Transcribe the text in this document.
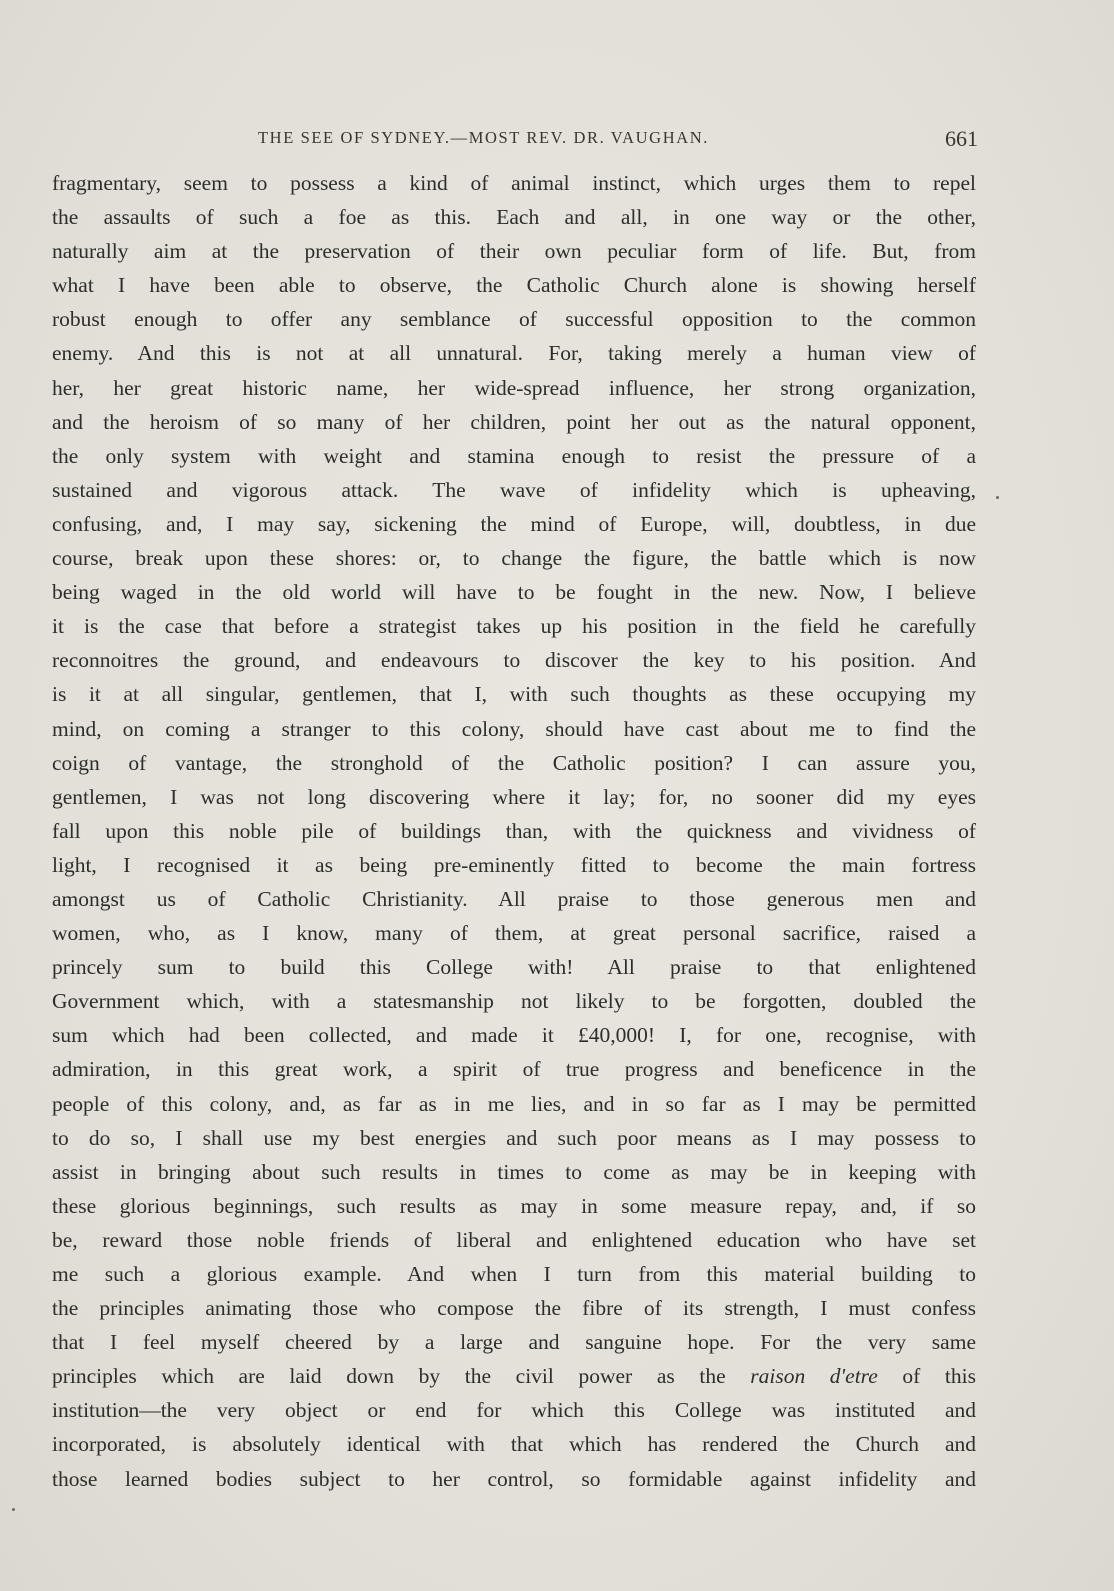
THE SEE OF SYDNEY.—MOST REV. DR. VAUGHAN.	661
fragmentary, seem to possess a kind of animal instinct, which urges them to repel
the assaults of such a foe as this. Each and all, in one way or the other,
naturally aim at the preservation of their own peculiar form of life. But, from
what I have been able to observe, the Catholic Church alone is showing herself
robust enough to offer any semblance of successful opposition to the common
enemy. And this is not at all unnatural. For, taking merely a human view of
her, her great historic name, her wide-spread influence, her strong organization,
and the heroism of so many of her children, point her out as the natural opponent,
the only system with weight and stamina enough to resist the pressure of a
sustained and vigorous attack. The wave of infidelity which is upheaving,
confusing, and, I may say, sickening the mind of Europe, will, doubtless, in due
course, break upon these shores: or, to change the figure, the battle which is now
being waged in the old world will have to be fought in the new. Now, I believe
it is the case that before a strategist takes up his position in the field he carefully
reconnoitres the ground, and endeavours to discover the key to his position. And
is it at all singular, gentlemen, that I, with such thoughts as these occupying my
mind, on coming a stranger to this colony, should have cast about me to find the
coign of vantage, the stronghold of the Catholic position? I can assure you,
gentlemen, I was not long discovering where it lay; for, no sooner did my eyes
fall upon this noble pile of buildings than, with the quickness and vividness of
light, I recognised it as being pre-eminently fitted to become the main fortress
amongst us of Catholic Christianity. All praise to those generous men and
women, who, as I know, many of them, at great personal sacrifice, raised a
princely sum to build this College with! All praise to that enlightened
Government which, with a statesmanship not likely to be forgotten, doubled the
sum which had been collected, and made it £40,000! I, for one, recognise, with
admiration, in this great work, a spirit of true progress and beneficence in the
people of this colony, and, as far as in me lies, and in so far as I may be permitted
to do so, I shall use my best energies and such poor means as I may possess to
assist in bringing about such results in times to come as may be in keeping with
these glorious beginnings, such results as may in some measure repay, and, if so
be, reward those noble friends of liberal and enlightened education who have set
me such a glorious example. And when I turn from this material building to
the principles animating those who compose the fibre of its strength, I must confess
that I feel myself cheered by a large and sanguine hope. For the very same
principles which are laid down by the civil power as the raison d'etre of this
institution—the very object or end for which this College was instituted and
incorporated, is absolutely identical with that which has rendered the Church and
those learned bodies subject to her control, so formidable against infidelity and
